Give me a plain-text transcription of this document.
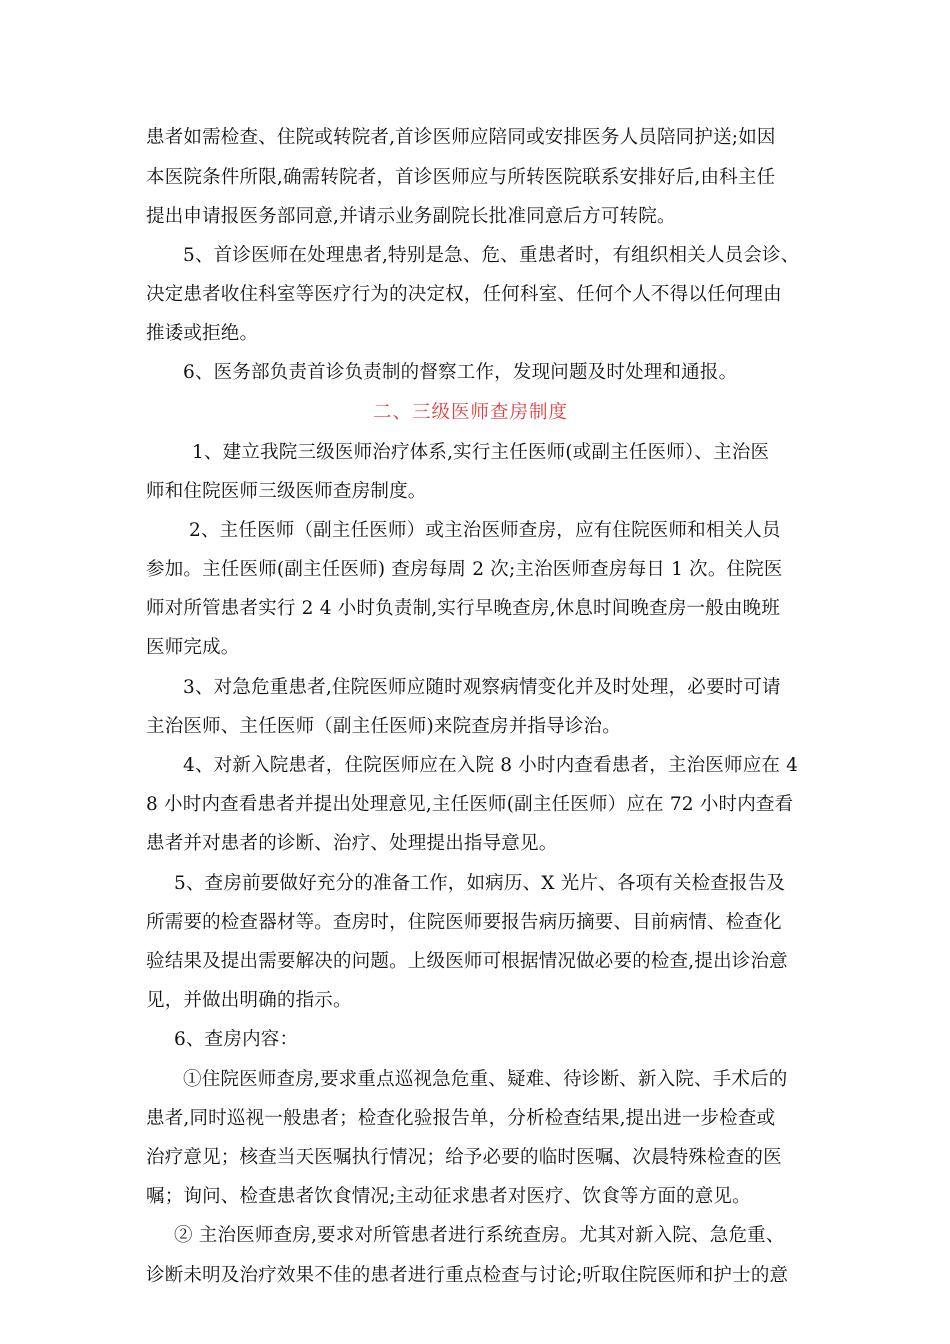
患者如需检查、住院或转院者,首诊医师应陪同或安排医务人员陪同护送;如因
本医院条件所限,确需转院者，首诊医师应与所转医院联系安排好后,由科主任
提出申请报医务部同意,并请示业务副院长批准同意后方可转院。
5、首诊医师在处理患者,特别是急、危、重患者时，有组织相关人员会诊、
决定患者收住科室等医疗行为的决定权，任何科室、任何个人不得以任何理由
推诿或拒绝。
6、医务部负责首诊负责制的督察工作，发现问题及时处理和通报。
二、三级医师查房制度
1、建立我院三级医师治疗体系,实行主任医师(或副主任医师）、主治医
师和住院医师三级医师查房制度。
2、主任医师（副主任医师）或主治医师查房，应有住院医师和相关人员
参加。主任医师(副主任医师) 查房每周 2 次;主治医师查房每日 1 次。住院医
师对所管患者实行 2 4 小时负责制,实行早晚查房,休息时间晚查房一般由晚班
医师完成。
3、对急危重患者,住院医师应随时观察病情变化并及时处理，必要时可请
主治医师、主任医师（副主任医师)来院查房并指导诊治。
4、对新入院患者，住院医师应在入院 8 小时内查看患者，主治医师应在 4
8 小时内查看患者并提出处理意见,主任医师(副主任医师）应在 72 小时内查看
患者并对患者的诊断、治疗、处理提出指导意见。
5、查房前要做好充分的准备工作，如病历、X 光片、各项有关检查报告及
所需要的检查器材等。查房时，住院医师要报告病历摘要、目前病情、检查化
验结果及提出需要解决的问题。上级医师可根据情况做必要的检查,提出诊治意
见，并做出明确的指示。
6、查房内容：
①住院医师查房,要求重点巡视急危重、疑难、待诊断、新入院、手术后的
患者,同时巡视一般患者；检查化验报告单，分析检查结果,提出进一步检查或
治疗意见；核查当天医嘱执行情况；给予必要的临时医嘱、次晨特殊检查的医
嘱；询问、检查患者饮食情况;主动征求患者对医疗、饮食等方面的意见。
② 主治医师查房,要求对所管患者进行系统查房。尤其对新入院、急危重、
诊断未明及治疗效果不佳的患者进行重点检查与讨论;听取住院医师和护士的意
